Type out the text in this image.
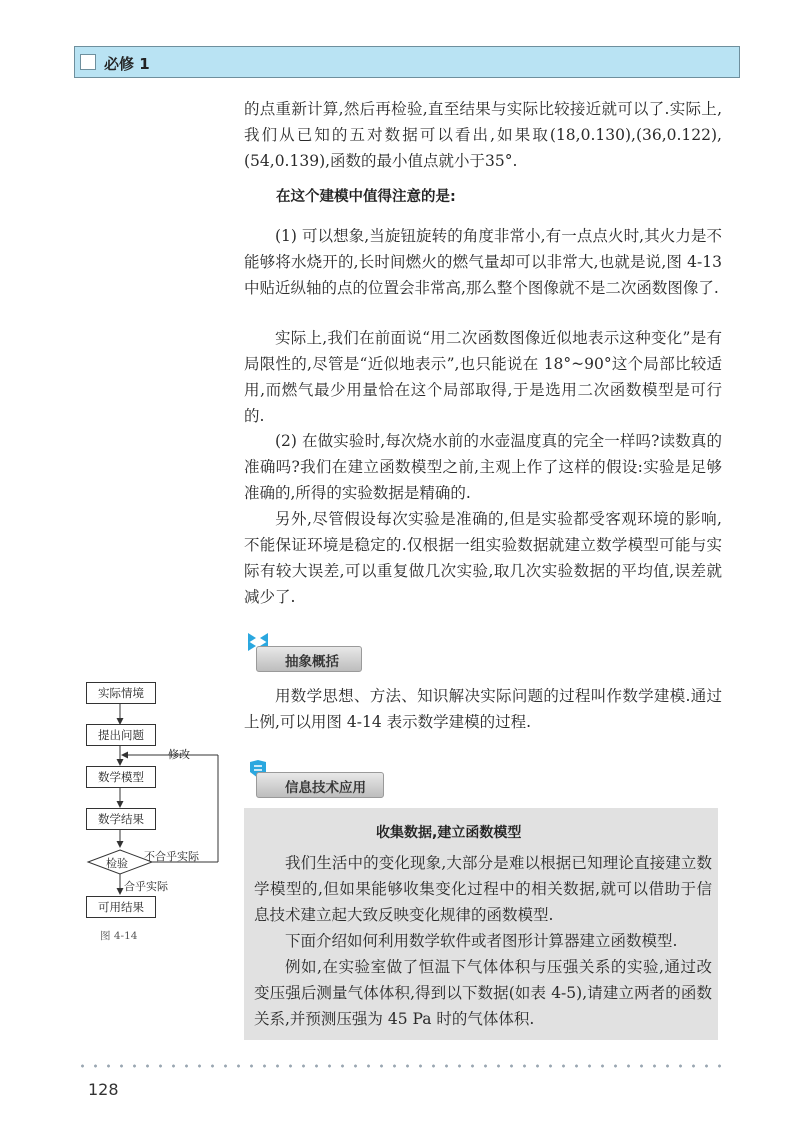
必修 1

的点重新计算,然后再检验,直至结果与实际比较接近就可以了.实际上,我们从已知的五对数据可以看出,如果取(18,0.130),(36,0.122),(54,0.139),函数的最小值点就小于35°.

在这个建模中值得注意的是:

(1) 可以想象,当旋钮旋转的角度非常小,有一点点火时,其火力是不能够将水烧开的,长时间燃火的燃气量却可以非常大,也就是说,图 4-13 中贴近纵轴的点的位置会非常高,那么整个图像就不是二次函数图像了.

实际上,我们在前面说“用二次函数图像近似地表示这种变化”是有局限性的,尽管是“近似地表示”,也只能说在 18°~90°这个局部比较适用,而燃气最少用量恰在这个局部取得,于是选用二次函数模型是可行的.

(2) 在做实验时,每次烧水前的水壶温度真的完全一样吗?读数真的准确吗?我们在建立函数模型之前,主观上作了这样的假设:实验是足够准确的,所得的实验数据是精确的.

另外,尽管假设每次实验是准确的,但是实验都受客观环境的影响,不能保证环境是稳定的.仅根据一组实验数据就建立数学模型可能与实际有较大误差,可以重复做几次实验,取几次实验数据的平均值,误差就减少了.

抽象概括

用数学思想、方法、知识解决实际问题的过程叫作数学建模.通过上例,可以用图 4-14 表示数学建模的过程.

信息技术应用
收集数据,建立函数模型

我们生活中的变化现象,大部分是难以根据已知理论直接建立数学模型的,但如果能够收集变化过程中的相关数据,就可以借助于信息技术建立起大致反映变化规律的函数模型.

下面介绍如何利用数学软件或者图形计算器建立函数模型.

例如,在实验室做了恒温下气体体积与压强关系的实验,通过改变压强后测量气体体积,得到以下数据(如表 4-5),请建立两者的函数关系,并预测压强为 45 Pa 时的气体体积.

实际情境
提出问题
数学模型
数学结果
检验
修改
不合乎实际
合乎实际
可用结果
图 4-14
128
